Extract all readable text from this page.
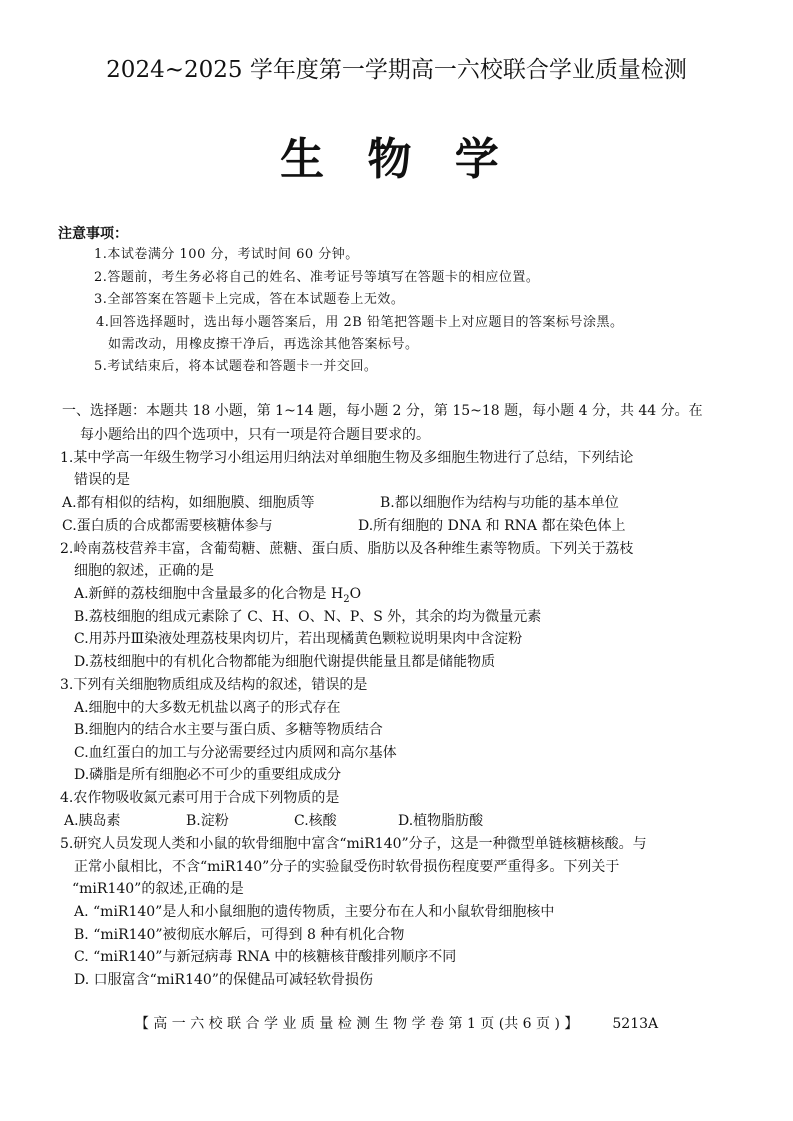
2024~2025 学年度第一学期高一六校联合学业质量检测
生 物 学
注意事项：
1.本试卷满分 100 分，考试时间 60 分钟。
2.答题前，考生务必将自己的姓名、准考证号等填写在答题卡的相应位置。
3.全部答案在答题卡上完成，答在本试题卷上无效。
4.回答选择题时，选出每小题答案后，用 2B 铅笔把答题卡上对应题目的答案标号涂黑。
如需改动，用橡皮擦干净后，再选涂其他答案标号。
5.考试结束后，将本试题卷和答题卡一并交回。
一、选择题：本题共 18 小题，第 1~14 题，每小题 2 分，第 15~18 题，每小题 4 分，共 44 分。在
每小题给出的四个选项中，只有一项是符合题目要求的。
1.某中学高一年级生物学习小组运用归纳法对单细胞生物及多细胞生物进行了总结，下列结论
错误的是
A.都有相似的结构，如细胞膜、细胞质等	B.都以细胞作为结构与功能的基本单位
C.蛋白质的合成都需要核糖体参与	D.所有细胞的 DNA 和 RNA 都在染色体上
2.岭南荔枝营养丰富，含葡萄糖、蔗糖、蛋白质、脂肪以及各种维生素等物质。下列关于荔枝
细胞的叙述，正确的是
A.新鲜的荔枝细胞中含量最多的化合物是 $H_2O$
B.荔枝细胞的组成元素除了 C、H、O、N、P、S 外，其余的均为微量元素
C.用苏丹Ⅲ染液处理荔枝果肉切片，若出现橘黄色颗粒说明果肉中含淀粉
D.荔枝细胞中的有机化合物都能为细胞代谢提供能量且都是储能物质
3.下列有关细胞物质组成及结构的叙述，错误的是
A.细胞中的大多数无机盐以离子的形式存在
B.细胞内的结合水主要与蛋白质、多糖等物质结合
C.血红蛋白的加工与分泌需要经过内质网和高尔基体
D.磷脂是所有细胞必不可少的重要组成成分
4.农作物吸收氮元素可用于合成下列物质的是
A.胰岛素	B.淀粉	C.核酸	D.植物脂肪酸
5.研究人员发现人类和小鼠的软骨细胞中富含“miR140”分子，这是一种微型单链核糖核酸。与
正常小鼠相比，不含“miR140”分子的实验鼠受伤时软骨损伤程度要严重得多。下列关于
“miR140”的叙述,正确的是
A. “miR140”是人和小鼠细胞的遗传物质，主要分布在人和小鼠软骨细胞核中
B. “miR140”被彻底水解后，可得到 8 种有机化合物
C. “miR140”与新冠病毒 RNA 中的核糖核苷酸排列顺序不同
D. 口服富含“miR140”的保健品可减轻软骨损伤
【 高 一 六 校 联 合 学 业 质 量 检 测 生 物 学 卷 第 1 页 (共 6 页 ) 】 5213A
